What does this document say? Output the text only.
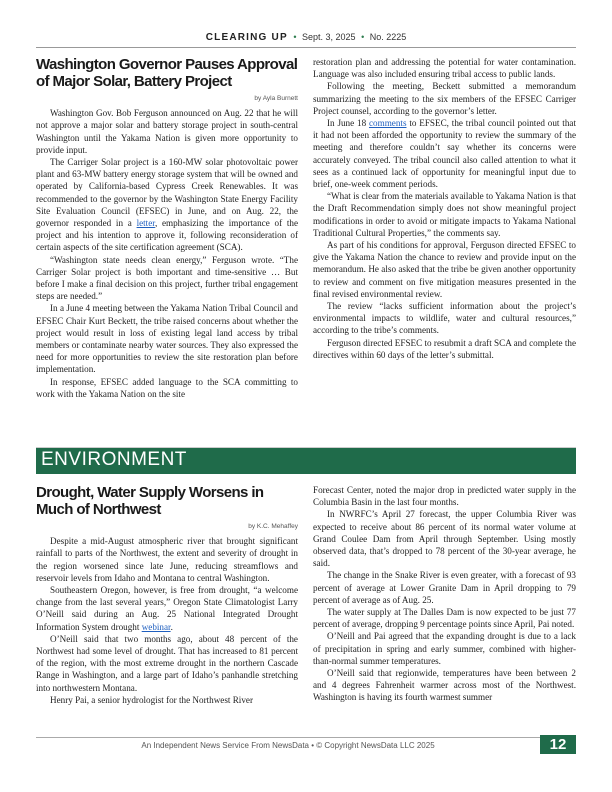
CLEARING UP • Sept. 3, 2025 • No. 2225
Washington Governor Pauses Approval of Major Solar, Battery Project
by Ayla Burnett

Washington Gov. Bob Ferguson announced on Aug. 22 that he will not approve a major solar and battery storage project in south-central Washington until the Yakama Nation is given more opportunity to provide input.

The Carriger Solar project is a 160-MW solar photovoltaic power plant and 63-MW battery energy storage system that will be owned and operated by California-based Cypress Creek Renewables. It was recommended to the governor by the Washington State Energy Facility Site Evaluation Council (EFSEC) in June, and on Aug. 22, the governor responded in a letter, emphasizing the importance of the project and his intention to approve it, following reconsideration of certain aspects of the site certification agreement (SCA).

“Washington state needs clean energy,” Ferguson wrote. “The Carriger Solar project is both important and time-sensitive … But before I make a final decision on this project, further tribal engagement steps are needed.”

In a June 4 meeting between the Yakama Nation Tribal Council and EFSEC Chair Kurt Beckett, the tribe raised concerns about whether the project would result in loss of existing legal land access by tribal members or contaminate nearby water sources. They also expressed the need for more opportunities to review the site restoration plan before implementation.

In response, EFSEC added language to the SCA committing to work with the Yakama Nation on the site

restoration plan and addressing the potential for water contamination. Language was also included ensuring tribal access to public lands.

Following the meeting, Beckett submitted a memorandum summarizing the meeting to the six members of the EFSEC Carriger Project counsel, according to the governor’s letter.

In June 18 comments to EFSEC, the tribal council pointed out that it had not been afforded the opportunity to review the summary of the meeting and therefore couldn’t say whether its concerns were accurately conveyed. The tribal council also called attention to what it sees as a continued lack of opportunity for meaningful input due to brief, one-week comment periods.

“What is clear from the materials available to Yakama Nation is that the Draft Recommendation simply does not show meaningful project modifications in order to avoid or mitigate impacts to Yakama National Traditional Cultural Properties,” the comments say.

As part of his conditions for approval, Ferguson directed EFSEC to give the Yakama Nation the chance to review and provide input on the memorandum. He also asked that the tribe be given another opportunity to review and comment on five mitigation measures presented in the final revised environmental review.

The review “lacks sufficient information about the project’s environmental impacts to wildlife, water and cultural resources,” according to the tribe’s comments.

Ferguson directed EFSEC to resubmit a draft SCA and complete the directives within 60 days of the letter’s submittal.

ENVIRONMENT
Drought, Water Supply Worsens in Much of Northwest
by K.C. Mehaffey

Despite a mid-August atmospheric river that brought significant rainfall to parts of the Northwest, the extent and severity of drought in the region worsened since late June, reducing streamflows and reservoir levels from Idaho and Montana to central Washington.

Southeastern Oregon, however, is free from drought, “a welcome change from the last several years,” Oregon State Climatologist Larry O’Neill said during an Aug. 25 National Integrated Drought Information System drought webinar.

O’Neill said that two months ago, about 48 percent of the Northwest had some level of drought. That has increased to 81 percent of the region, with the most extreme drought in the northern Cascade Range in Washington, and a large part of Idaho’s panhandle stretching into northwestern Montana.

Henry Pai, a senior hydrologist for the Northwest River

Forecast Center, noted the major drop in predicted water supply in the Columbia Basin in the last four months.

In NWRFC’s April 27 forecast, the upper Columbia River was expected to receive about 86 percent of its normal water volume at Grand Coulee Dam from April through September. Using mostly observed data, that’s dropped to 78 percent of the 30-year average, he said.

The change in the Snake River is even greater, with a forecast of 93 percent of average at Lower Granite Dam in April dropping to 79 percent of average as of Aug. 25.

The water supply at The Dalles Dam is now expected to be just 77 percent of average, dropping 9 percentage points since April, Pai noted.

O’Neill and Pai agreed that the expanding drought is due to a lack of precipitation in spring and early summer, combined with higher-than-normal summer temperatures.

O’Neill said that regionwide, temperatures have been between 2 and 4 degrees Fahrenheit warmer across most of the Northwest. Washington is having its fourth warmest summer

An Independent News Service From NewsData • © Copyright NewsData LLC 2025	12
